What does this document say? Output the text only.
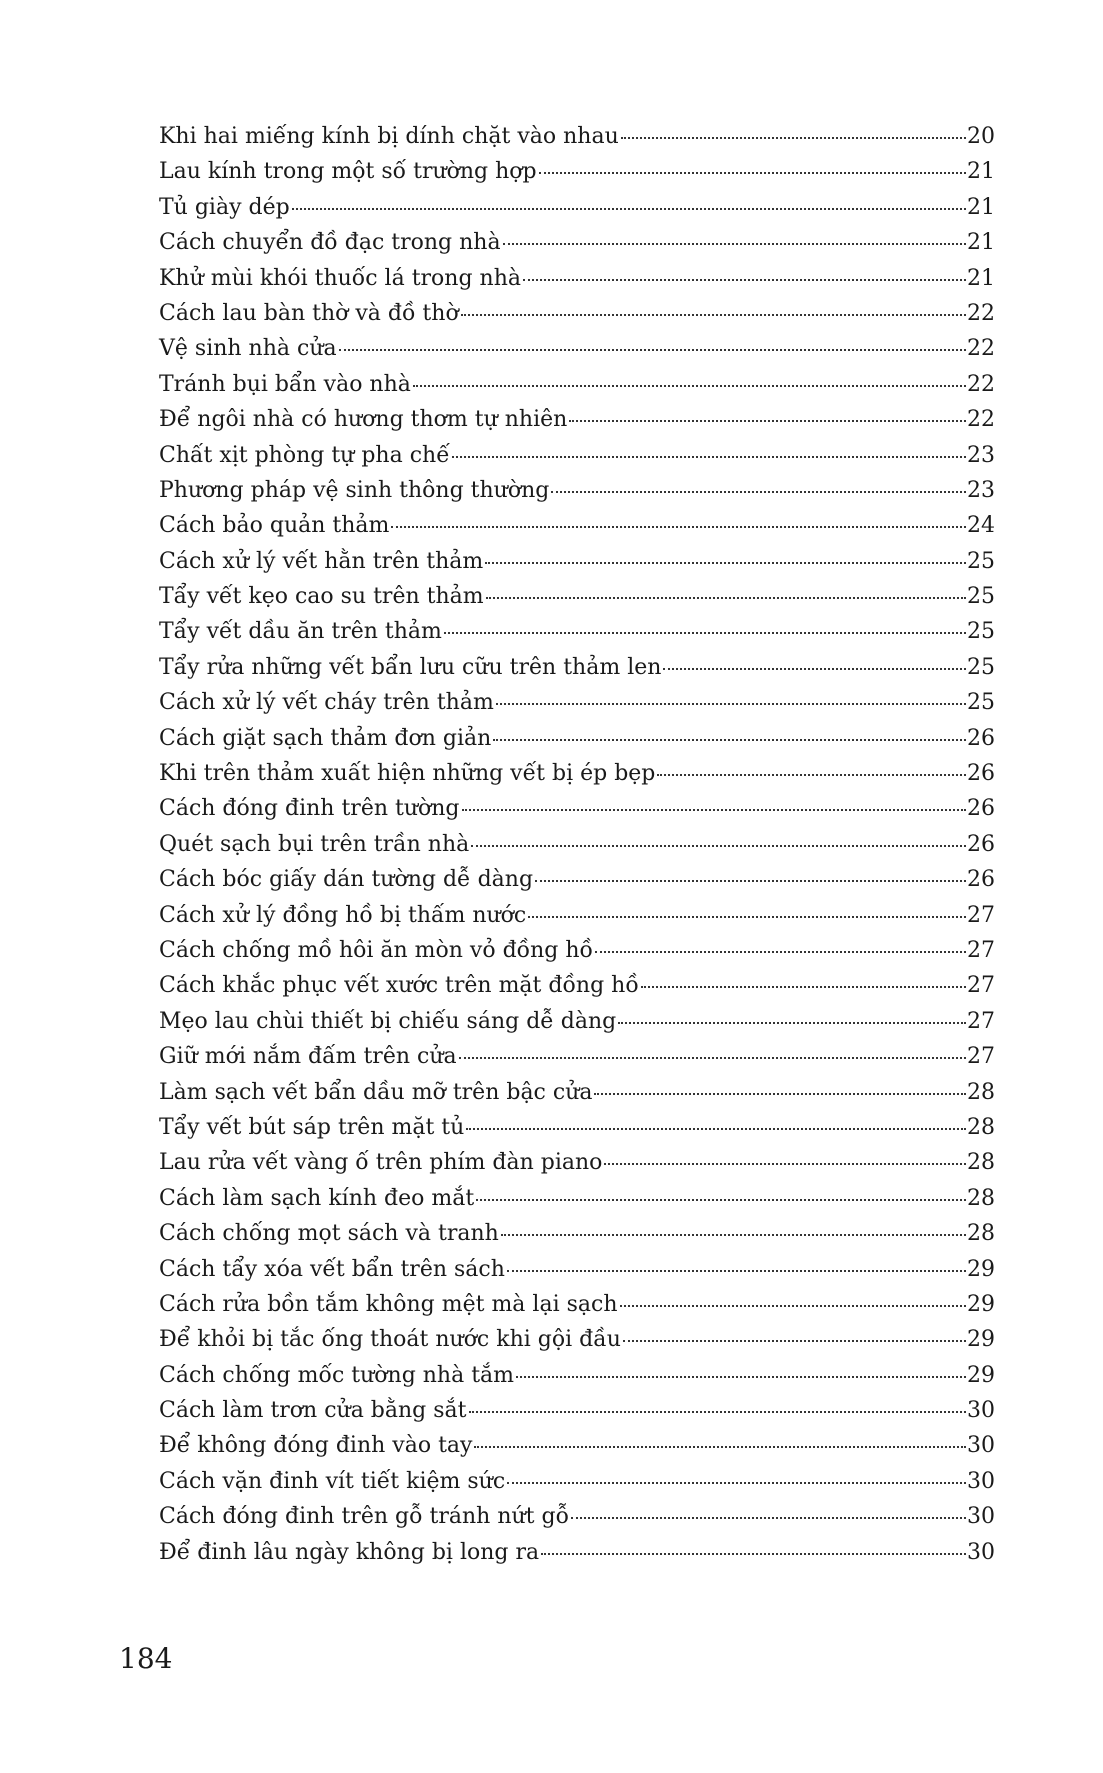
Khi hai miếng kính bị dính chặt vào nhau	20
Lau kính trong một số trường hợp	21
Tủ giày dép	21
Cách chuyển đồ đạc trong nhà	21
Khử mùi khói thuốc lá trong nhà	21
Cách lau bàn thờ và đồ thờ	22
Vệ sinh nhà cửa	22
Tránh bụi bẩn vào nhà	22
Để ngôi nhà có hương thơm tự nhiên	22
Chất xịt phòng tự pha chế	23
Phương pháp vệ sinh thông thường	23
Cách bảo quản thảm	24
Cách xử lý vết hằn trên thảm	25
Tẩy vết kẹo cao su trên thảm	25
Tẩy vết dầu ăn trên thảm	25
Tẩy rửa những vết bẩn lưu cữu trên thảm len	25
Cách xử lý vết cháy trên thảm	25
Cách giặt sạch thảm đơn giản	26
Khi trên thảm xuất hiện những vết bị ép bẹp	26
Cách đóng đinh trên tường	26
Quét sạch bụi trên trần nhà	26
Cách bóc giấy dán tường dễ dàng	26
Cách xử lý đồng hồ bị thấm nước	27
Cách chống mồ hôi ăn mòn vỏ đồng hồ	27
Cách khắc phục vết xước trên mặt đồng hồ	27
Mẹo lau chùi thiết bị chiếu sáng dễ dàng	27
Giữ mới nắm đấm trên cửa	27
Làm sạch vết bẩn dầu mỡ trên bậc cửa	28
Tẩy vết bút sáp trên mặt tủ	28
Lau rửa vết vàng ố trên phím đàn piano	28
Cách làm sạch kính đeo mắt	28
Cách chống mọt sách và tranh	28
Cách tẩy xóa vết bẩn trên sách	29
Cách rửa bồn tắm không mệt mà lại sạch	29
Để khỏi bị tắc ống thoát nước khi gội đầu	29
Cách chống mốc tường nhà tắm	29
Cách làm trơn cửa bằng sắt	30
Để không đóng đinh vào tay	30
Cách vặn đinh vít tiết kiệm sức	30
Cách đóng đinh trên gỗ tránh nứt gỗ	30
Để đinh lâu ngày không bị long ra	30

184
